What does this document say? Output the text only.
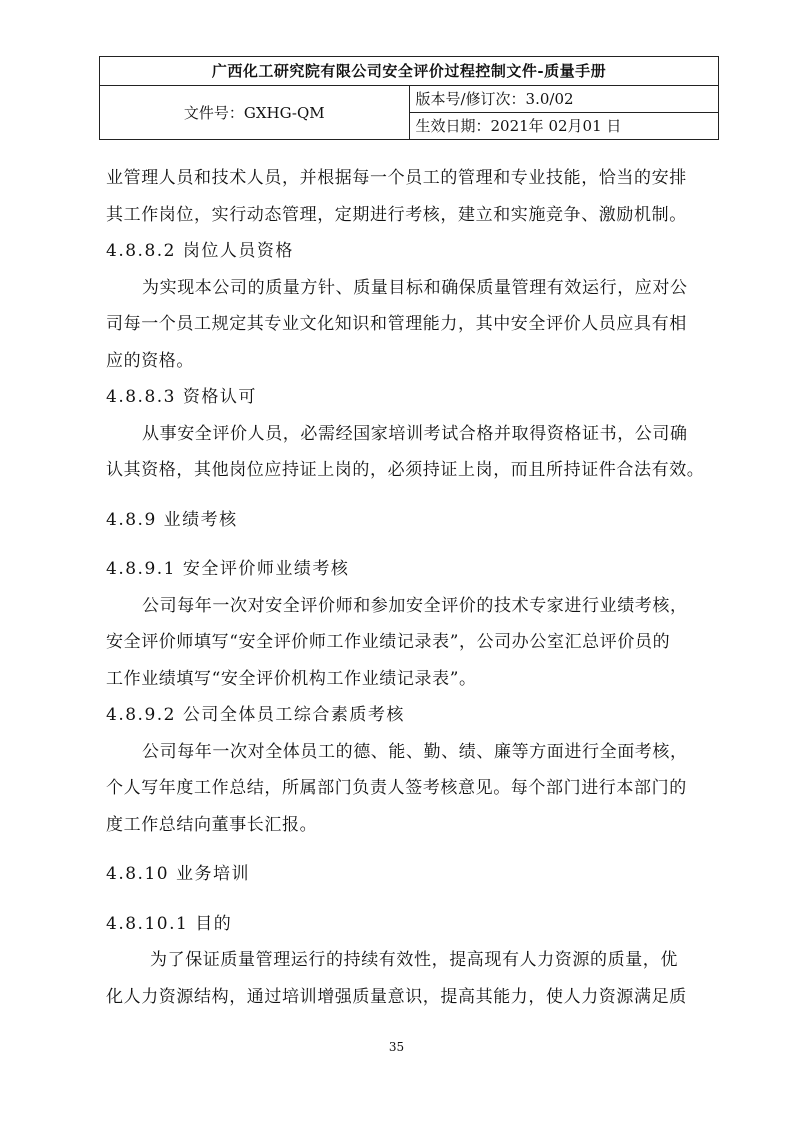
广西化工研究院有限公司安全评价过程控制文件-质量手册
文件号：GXHG-QM	版本号/修订次：3.0/02
生效日期：2021年 02月01 日
业管理人员和技术人员，并根据每一个员工的管理和专业技能，恰当的安排
其工作岗位，实行动态管理，定期进行考核，建立和实施竞争、激励机制。
4.8.8.2 岗位人员资格
为实现本公司的质量方针、质量目标和确保质量管理有效运行，应对公
司每一个员工规定其专业文化知识和管理能力，其中安全评价人员应具有相
应的资格。
4.8.8.3 资格认可
从事安全评价人员，必需经国家培训考试合格并取得资格证书，公司确
认其资格，其他岗位应持证上岗的，必须持证上岗，而且所持证件合法有效。
4.8.9 业绩考核
4.8.9.1 安全评价师业绩考核
公司每年一次对安全评价师和参加安全评价的技术专家进行业绩考核，
安全评价师填写“安全评价师工作业绩记录表”，公司办公室汇总评价员的
工作业绩填写“安全评价机构工作业绩记录表”。
4.8.9.2 公司全体员工综合素质考核
公司每年一次对全体员工的德、能、勤、绩、廉等方面进行全面考核，
个人写年度工作总结，所属部门负责人签考核意见。每个部门进行本部门的
度工作总结向董事长汇报。
4.8.10 业务培训
4.8.10.1 目的
为了保证质量管理运行的持续有效性，提高现有人力资源的质量，优
化人力资源结构，通过培训增强质量意识，提高其能力，使人力资源满足质
35
